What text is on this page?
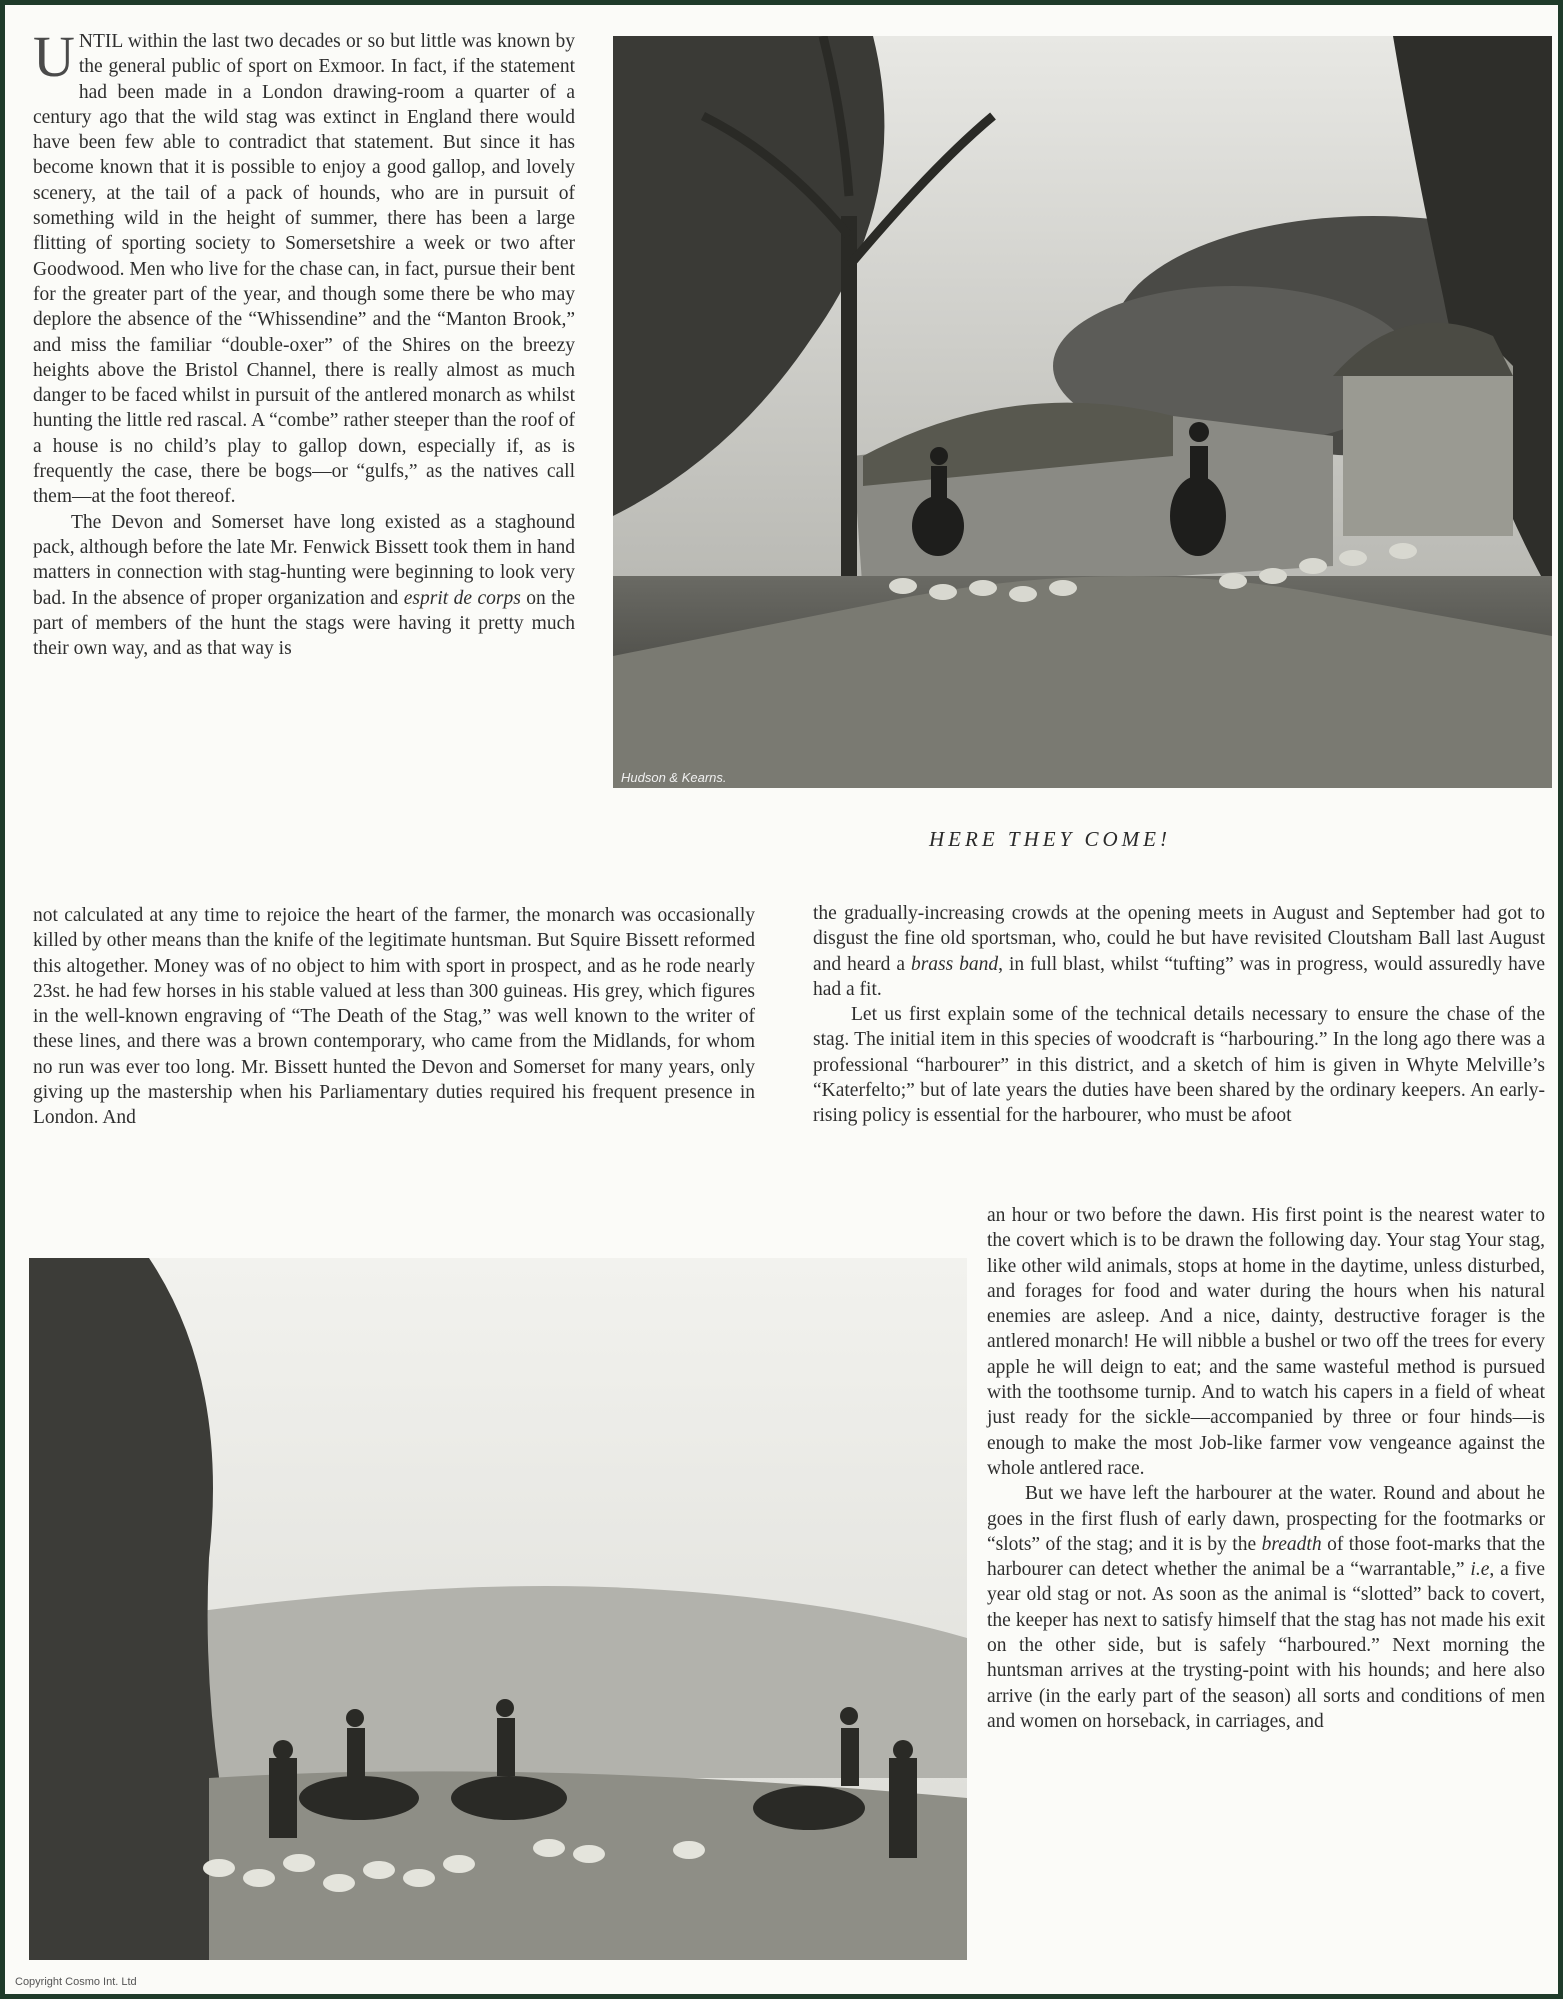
UNTIL within the last two decades or so but little was known by the general public of sport on Exmoor. In fact, if the statement had been made in a London drawing-room a quarter of a century ago that the wild stag was extinct in England there would have been few able to contradict that statement. But since it has become known that it is possible to enjoy a good gallop, and lovely scenery, at the tail of a pack of hounds, who are in pursuit of something wild in the height of summer, there has been a large flitting of sporting society to Somersetshire a week or two after Goodwood. Men who live for the chase can, in fact, pursue their bent for the greater part of the year, and though some there be who may deplore the absence of the “Whissendine” and the “Manton Brook,” and miss the familiar “double-oxer” of the Shires on the breezy heights above the Bristol Channel, there is really almost as much danger to be faced whilst in pursuit of the antlered monarch as whilst hunting the little red rascal. A “combe” rather steeper than the roof of a house is no child’s play to gallop down, especially if, as is frequently the case, there be bogs—or “gulfs,” as the natives call them—at the foot thereof.

The Devon and Somerset have long existed as a staghound pack, although before the late Mr. Fenwick Bissett took them in hand matters in connection with stag-hunting were beginning to look very bad. In the absence of proper organization and esprit de corps on the part of members of the hunt the stags were having it pretty much their own way, and as that way is

not calculated at any time to rejoice the heart of the farmer, the monarch was occasionally killed by other means than the knife of the legitimate huntsman. But Squire Bissett reformed this altogether. Money was of no object to him with sport in prospect, and as he rode nearly 23st. he had few horses in his stable valued at less than 300 guineas. His grey, which figures in the well-known engraving of “The Death of the Stag,” was well known to the writer of these lines, and there was a brown contemporary, who came from the Midlands, for whom no run was ever too long. Mr. Bissett hunted the Devon and Somerset for many years, only giving up the mastership when his Parliamentary duties required his frequent presence in London. And

Hudson & Kearns.
HERE THEY COME!

the gradually-increasing crowds at the opening meets in August and September had got to disgust the fine old sportsman, who, could he but have revisited Cloutsham Ball last August and heard a brass band, in full blast, whilst “tufting” was in progress, would assuredly have had a fit.

Let us first explain some of the technical details necessary to ensure the chase of the stag. The initial item in this species of woodcraft is “harbouring.” In the long ago there was a professional “harbourer” in this district, and a sketch of him is given in Whyte Melville’s “Katerfelto;” but of late years the duties have been shared by the ordinary keepers. An early-rising policy is essential for the harbourer, who must be afoot

an hour or two before the dawn. His first point is the nearest water to the covert which is to be drawn the following day. Your stag Your stag, like other wild animals, stops at home in the daytime, unless disturbed, and forages for food and water during the hours when his natural enemies are asleep. And a nice, dainty, destructive forager is the antlered monarch! He will nibble a bushel or two off the trees for every apple he will deign to eat; and the same wasteful method is pursued with the toothsome turnip. And to watch his capers in a field of wheat just ready for the sickle—accompanied by three or four hinds—is enough to make the most Job-like farmer vow vengeance against the whole antlered race.

But we have left the harbourer at the water. Round and about he goes in the first flush of early dawn, prospecting for the footmarks or “slots” of the stag; and it is by the breadth of those foot-marks that the harbourer can detect whether the animal be a “warrantable,” i.e, a five year old stag or not. As soon as the animal is “slotted” back to covert, the keeper has next to satisfy himself that the stag has not made his exit on the other side, but is safely “harboured.” Next morning the huntsman arrives at the trysting-point with his hounds; and here also arrive (in the early part of the season) all sorts and conditions of men and women on horseback, in carriages, and

Copyright Cosmo Int. Ltd
